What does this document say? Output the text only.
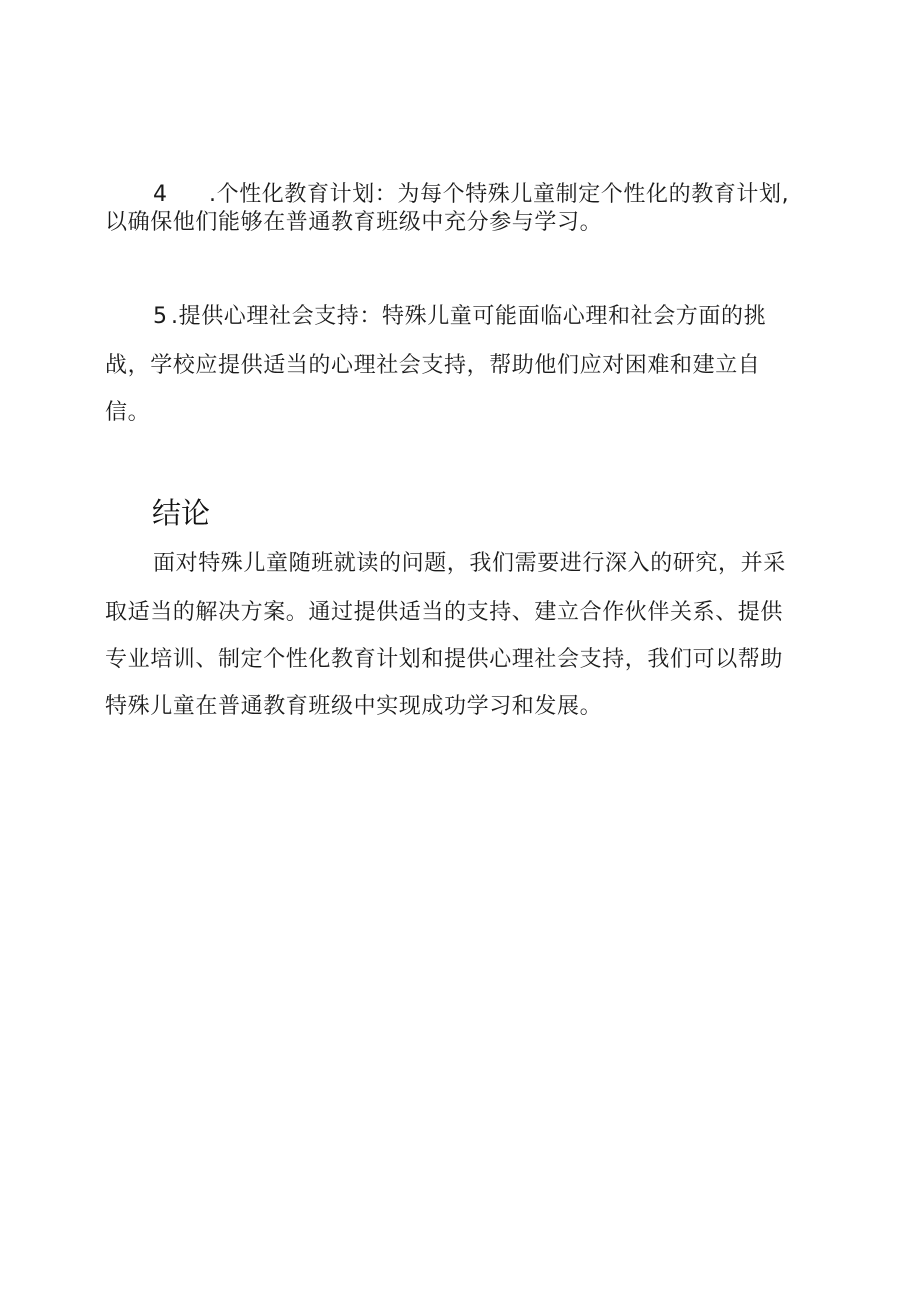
4 .个性化教育计划：为每个特殊儿童制定个性化的教育计划,
以确保他们能够在普通教育班级中充分参与学习。
5 .提供心理社会支持：特殊儿童可能面临心理和社会方面的挑
战，学校应提供适当的心理社会支持，帮助他们应对困难和建立自
信。
结论
面对特殊儿童随班就读的问题，我们需要进行深入的研究，并采
取适当的解决方案。通过提供适当的支持、建立合作伙伴关系、提供
专业培训、制定个性化教育计划和提供心理社会支持，我们可以帮助
特殊儿童在普通教育班级中实现成功学习和发展。
